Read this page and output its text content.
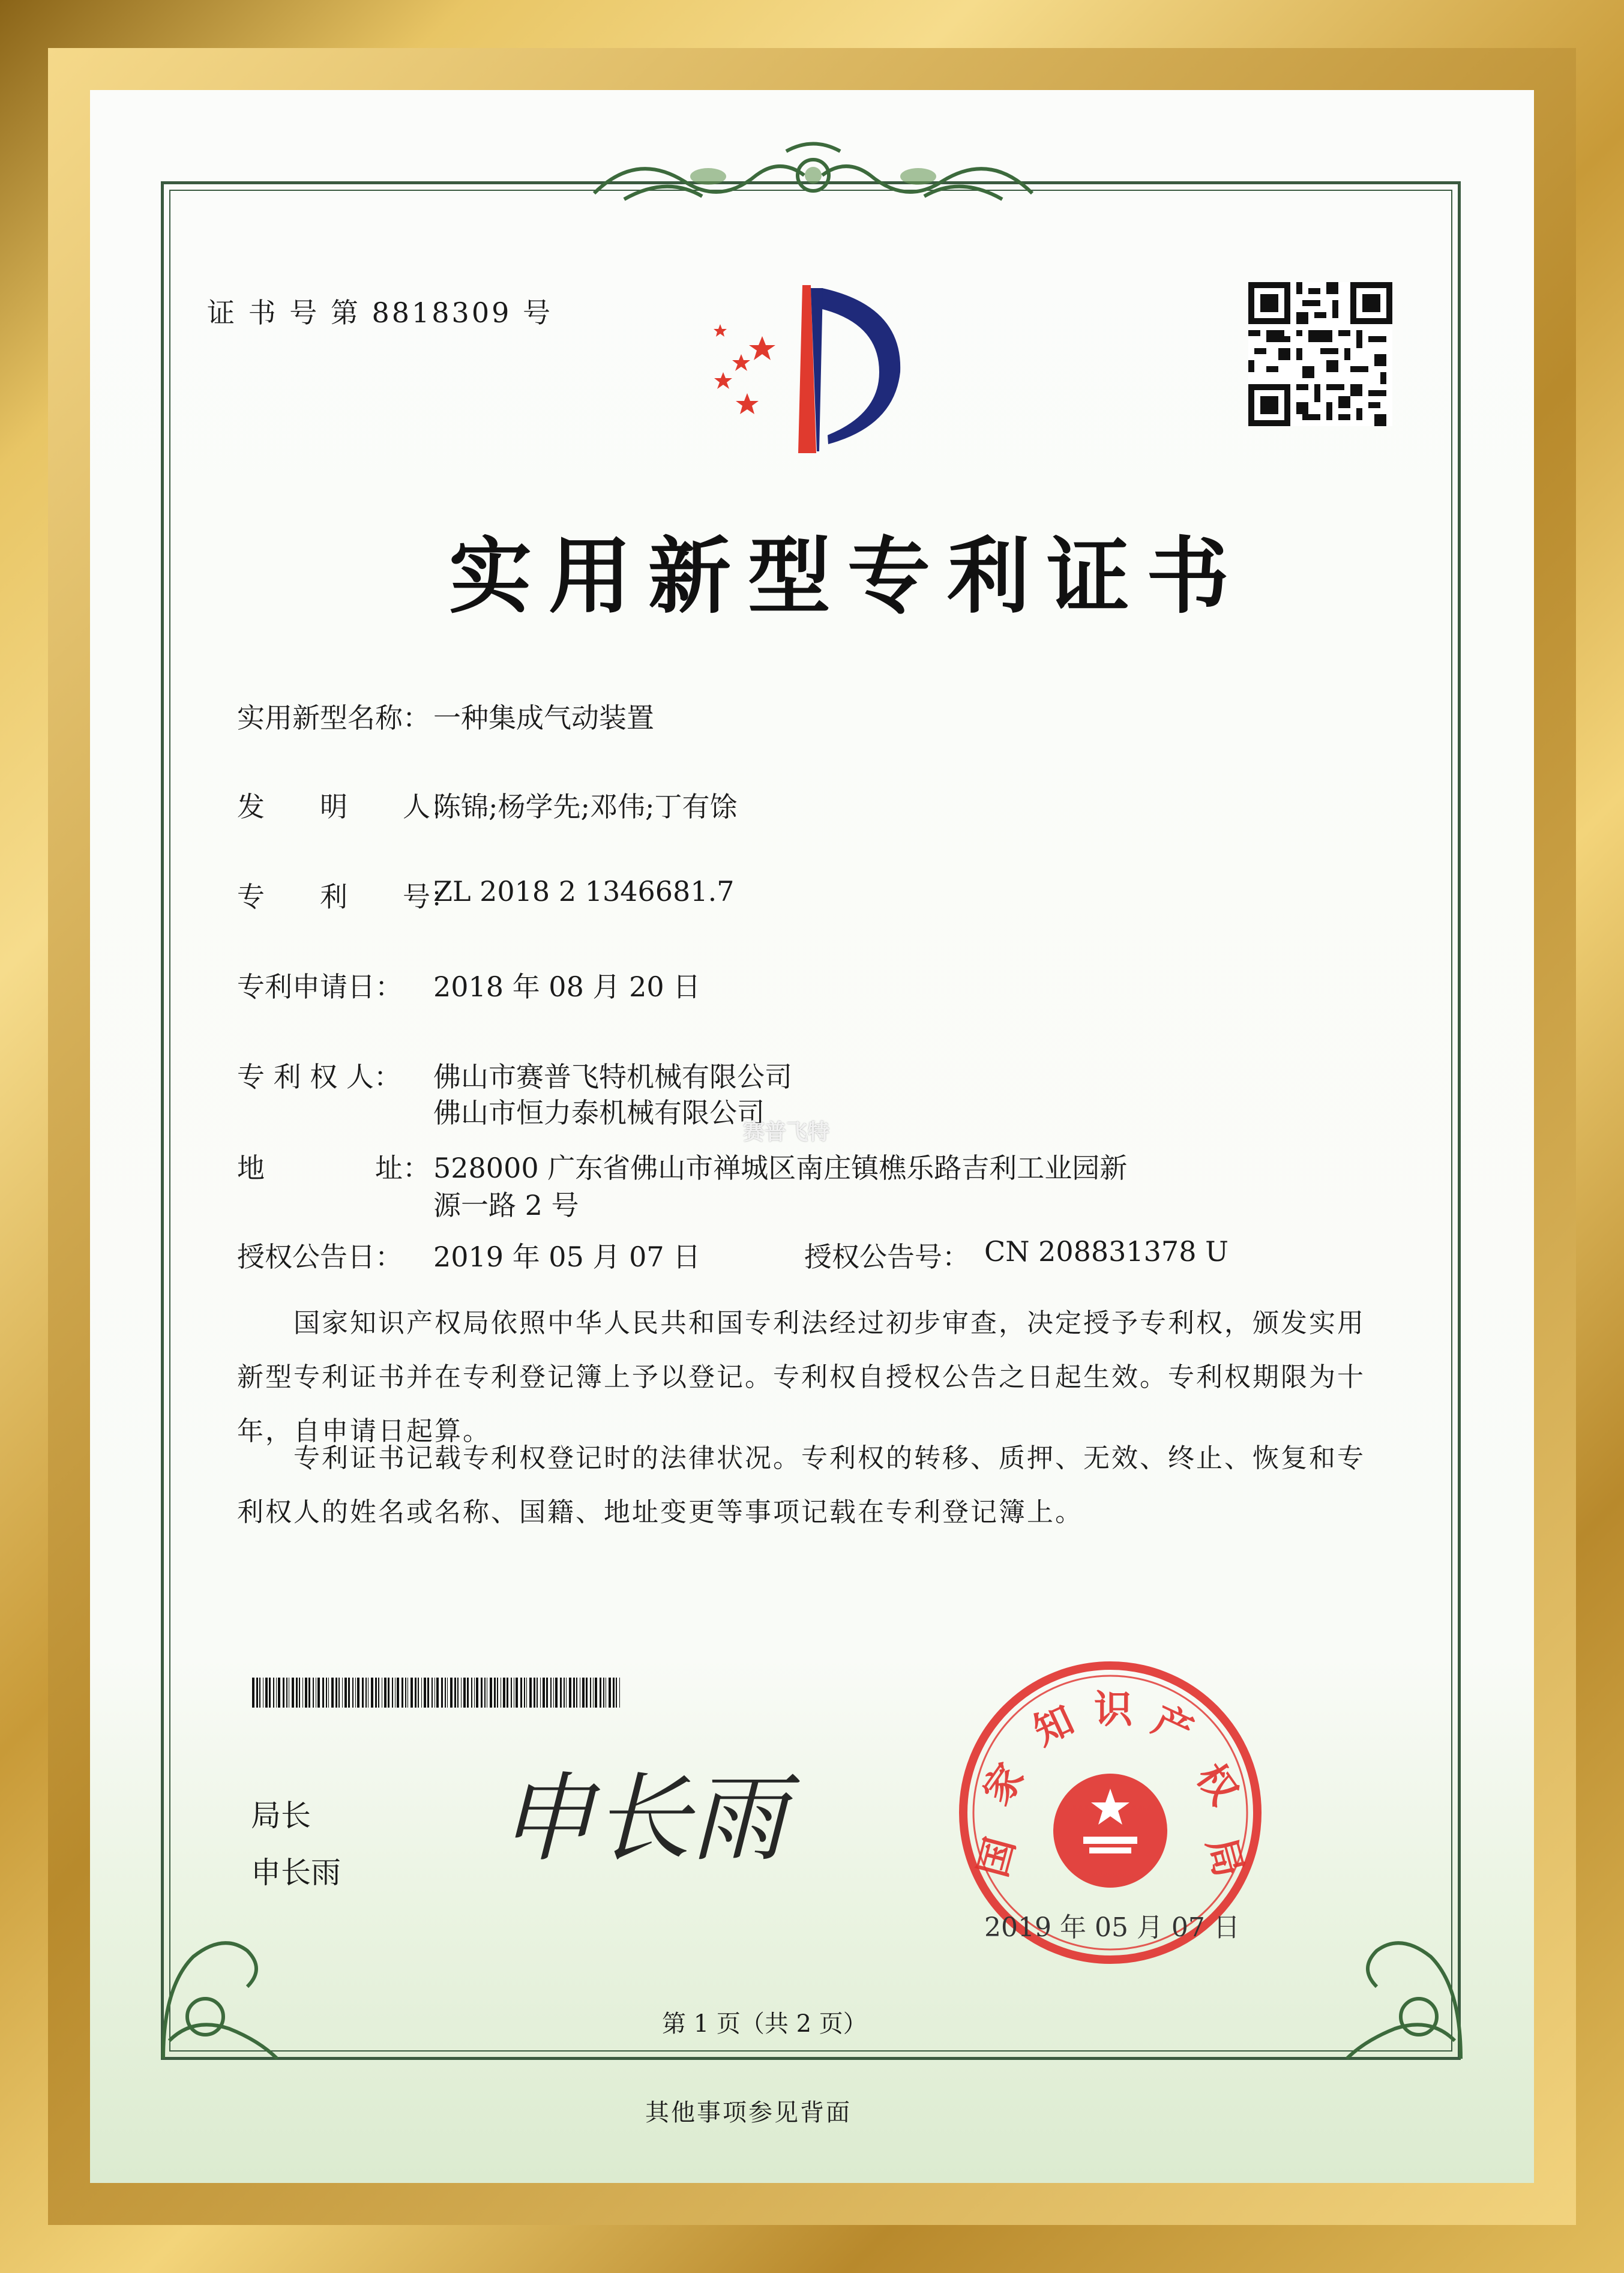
证 书 号 第 8818309 号
实用新型专利证书
实用新型名称： 一种集成气动装置
发　　明　　人：
陈锦;杨学先;邓伟;丁有馀
专　　利　　号：
ZL 2018 2 1346681.7
专利申请日： 2018 年 08 月 20 日
专 利 权 人： 佛山市赛普飞特机械有限公司
佛山市恒力泰机械有限公司
赛普飞特
地　　　　址： 528000 广东省佛山市禅城区南庄镇樵乐路吉利工业园新
源一路 2 号
授权公告日： 2019 年 05 月 07 日	授权公告号： CN 208831378 U
　　国家知识产权局依照中华人民共和国专利法经过初步审查，决定授予专利权，颁发实用新型专利证书并在专利登记簿上予以登记。专利权自授权公告之日起生效。专利权期限为十年，自申请日起算。
　　专利证书记载专利权登记时的法律状况。专利权的转移、质押、无效、终止、恢复和专利权人的姓名或名称、国籍、地址变更等事项记载在专利登记簿上。
局长
申长雨 申长雨	国
家
知 识 产
权
局
2019 年 05 月 07 日
第 1 页（共 2 页）
其他事项参见背面
